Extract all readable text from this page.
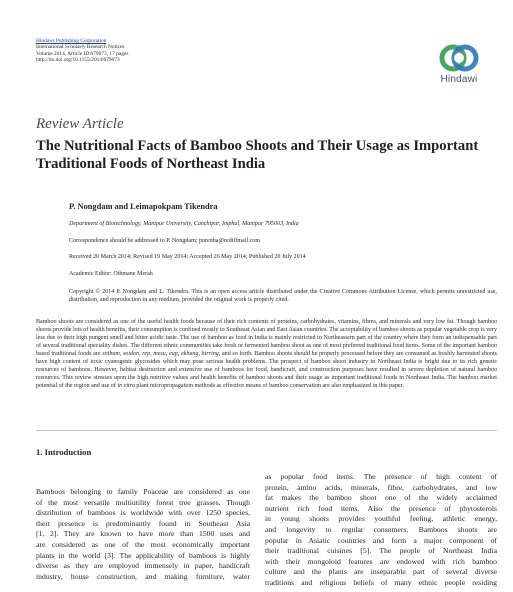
Hindawi Publishing Corporation
International Scholarly Research Notices
Volume 2014, Article ID 679073, 17 pages
http://dx.doi.org/10.1155/2014/679073
Hindawi
Review Article
The Nutritional Facts of Bamboo Shoots and Their Usage as Important Traditional Foods of Northeast India
P. Nongdam and Leimapokpam Tikendra
Department of Biotechnology, Manipur University, Canchipur, Imphal, Manipur 795003, India
Correspondence should be addressed to P. Nongdam; purenba@rediffmail.com
Received 20 March 2014; Revised 19 May 2014; Accepted 26 May 2014; Published 20 July 2014
Academic Editor: Othmane Merah
Copyright © 2014 P. Nongdam and L. Tikendra. This is an open access article distributed under the Creative Commons Attribution License, which permits unrestricted use, distribution, and reproduction in any medium, provided the original work is properly cited.
Bamboo shoots are considered as one of the useful health foods because of their rich contents of proteins, carbohydrates, vitamins, fibres, and minerals and very low fat. Though bamboo shoots provide lots of health benefits, their consumption is confined mostly to Southeast Asian and East Asian countries. The acceptability of bamboo shoots as popular vegetable crop is very less due to their high pungent smell and bitter acidic taste. The use of bamboo as food in India is mainly restricted to Northeastern part of the country where they form an indispensable part of several traditional speciality dishes. The different ethnic communities take fresh or fermented bamboo shoot as one of most preferred traditional food items. Some of the important bamboo based traditional foods are soibum, soidon, rep, mesu, eup, ekhung, hirring, and so forth. Bamboo shoots should be properly processed before they are consumed as freshly harvested shoots have high content of toxic cyanogenic glycosides which may pose serious health problems. The prospect of bamboo shoot industry in Northeast India is bright due to its rich genetic resources of bamboos. However, habitat destruction and extensive use of bamboos for food, handicraft, and construction purposes have resulted in severe depletion of natural bamboo resources. This review stresses upon the high nutritive values and health benefits of bamboo shoots and their usage as important traditional foods in Northeast India. The bamboo market potential of the region and use of in vitro plant micropropagation methods as effective means of bamboo conservation are also emphasized in this paper.
1. Introduction
Bamboos belonging to family Poaceae are considered as one
of the most versatile multiutility forest tree grasses. Though
distribution of bamboos is worldwide with over 1250 species,
their presence is predominantly found in Southeast Asia
[1, 2]. They are known to have more than 1500 uses and
are considered as one of the most economically important
plants in the world [3]. The applicability of bamboos is highly
diverse as they are employed immensely in paper, handicraft
industry, house construction, and making furniture, water
as popular food items. The presence of high content of
protein, amino acids, minerals, fibre, carbohydrates, and low
fat makes the bamboo shoot one of the widely acclaimed
nutrient rich food items. Also the presence of phytosterols
in young shoots provides youthful feeling, athletic energy,
and longevity to regular consumers. Bamboos shoots are
popular in Asiatic countries and form a major component of
their traditional cuisines [5]. The people of Northeast India
with their mongoloid features are endowed with rich bamboo
culture and the plants are inseparable part of several diverse
traditions and religious beliefs of many ethnic people residing
